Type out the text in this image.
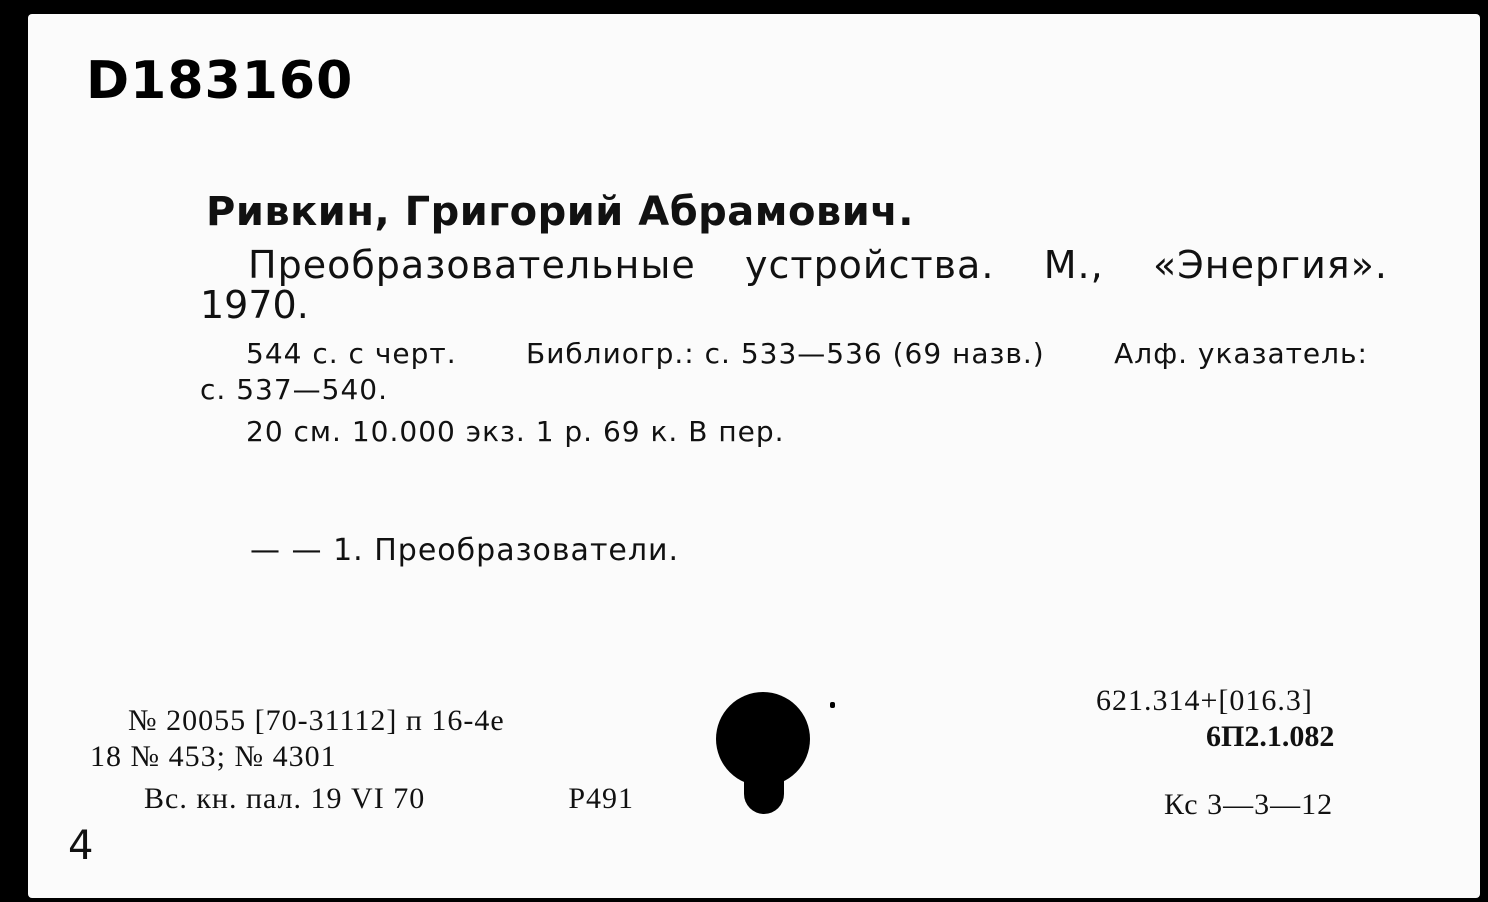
D183160
Ривкин, Григорий Абрамович.
Преобразовательные устройства. М., «Энергия».
1970.
544 с. с черт. Библиогр.: с. 533—536 (69 назв.) Алф. указатель:
с. 537—540.
20 см. 10.000 экз. 1 р. 69 к. В пер.
— — 1. Преобразователи.
№ 20055 [70-31112] п 16-4е
18 № 453; № 4301
Вс. кн. пал. 19 VI 70	Р491
621.314+[016.3]
6П2.1.082
Кс 3—3—12
4
